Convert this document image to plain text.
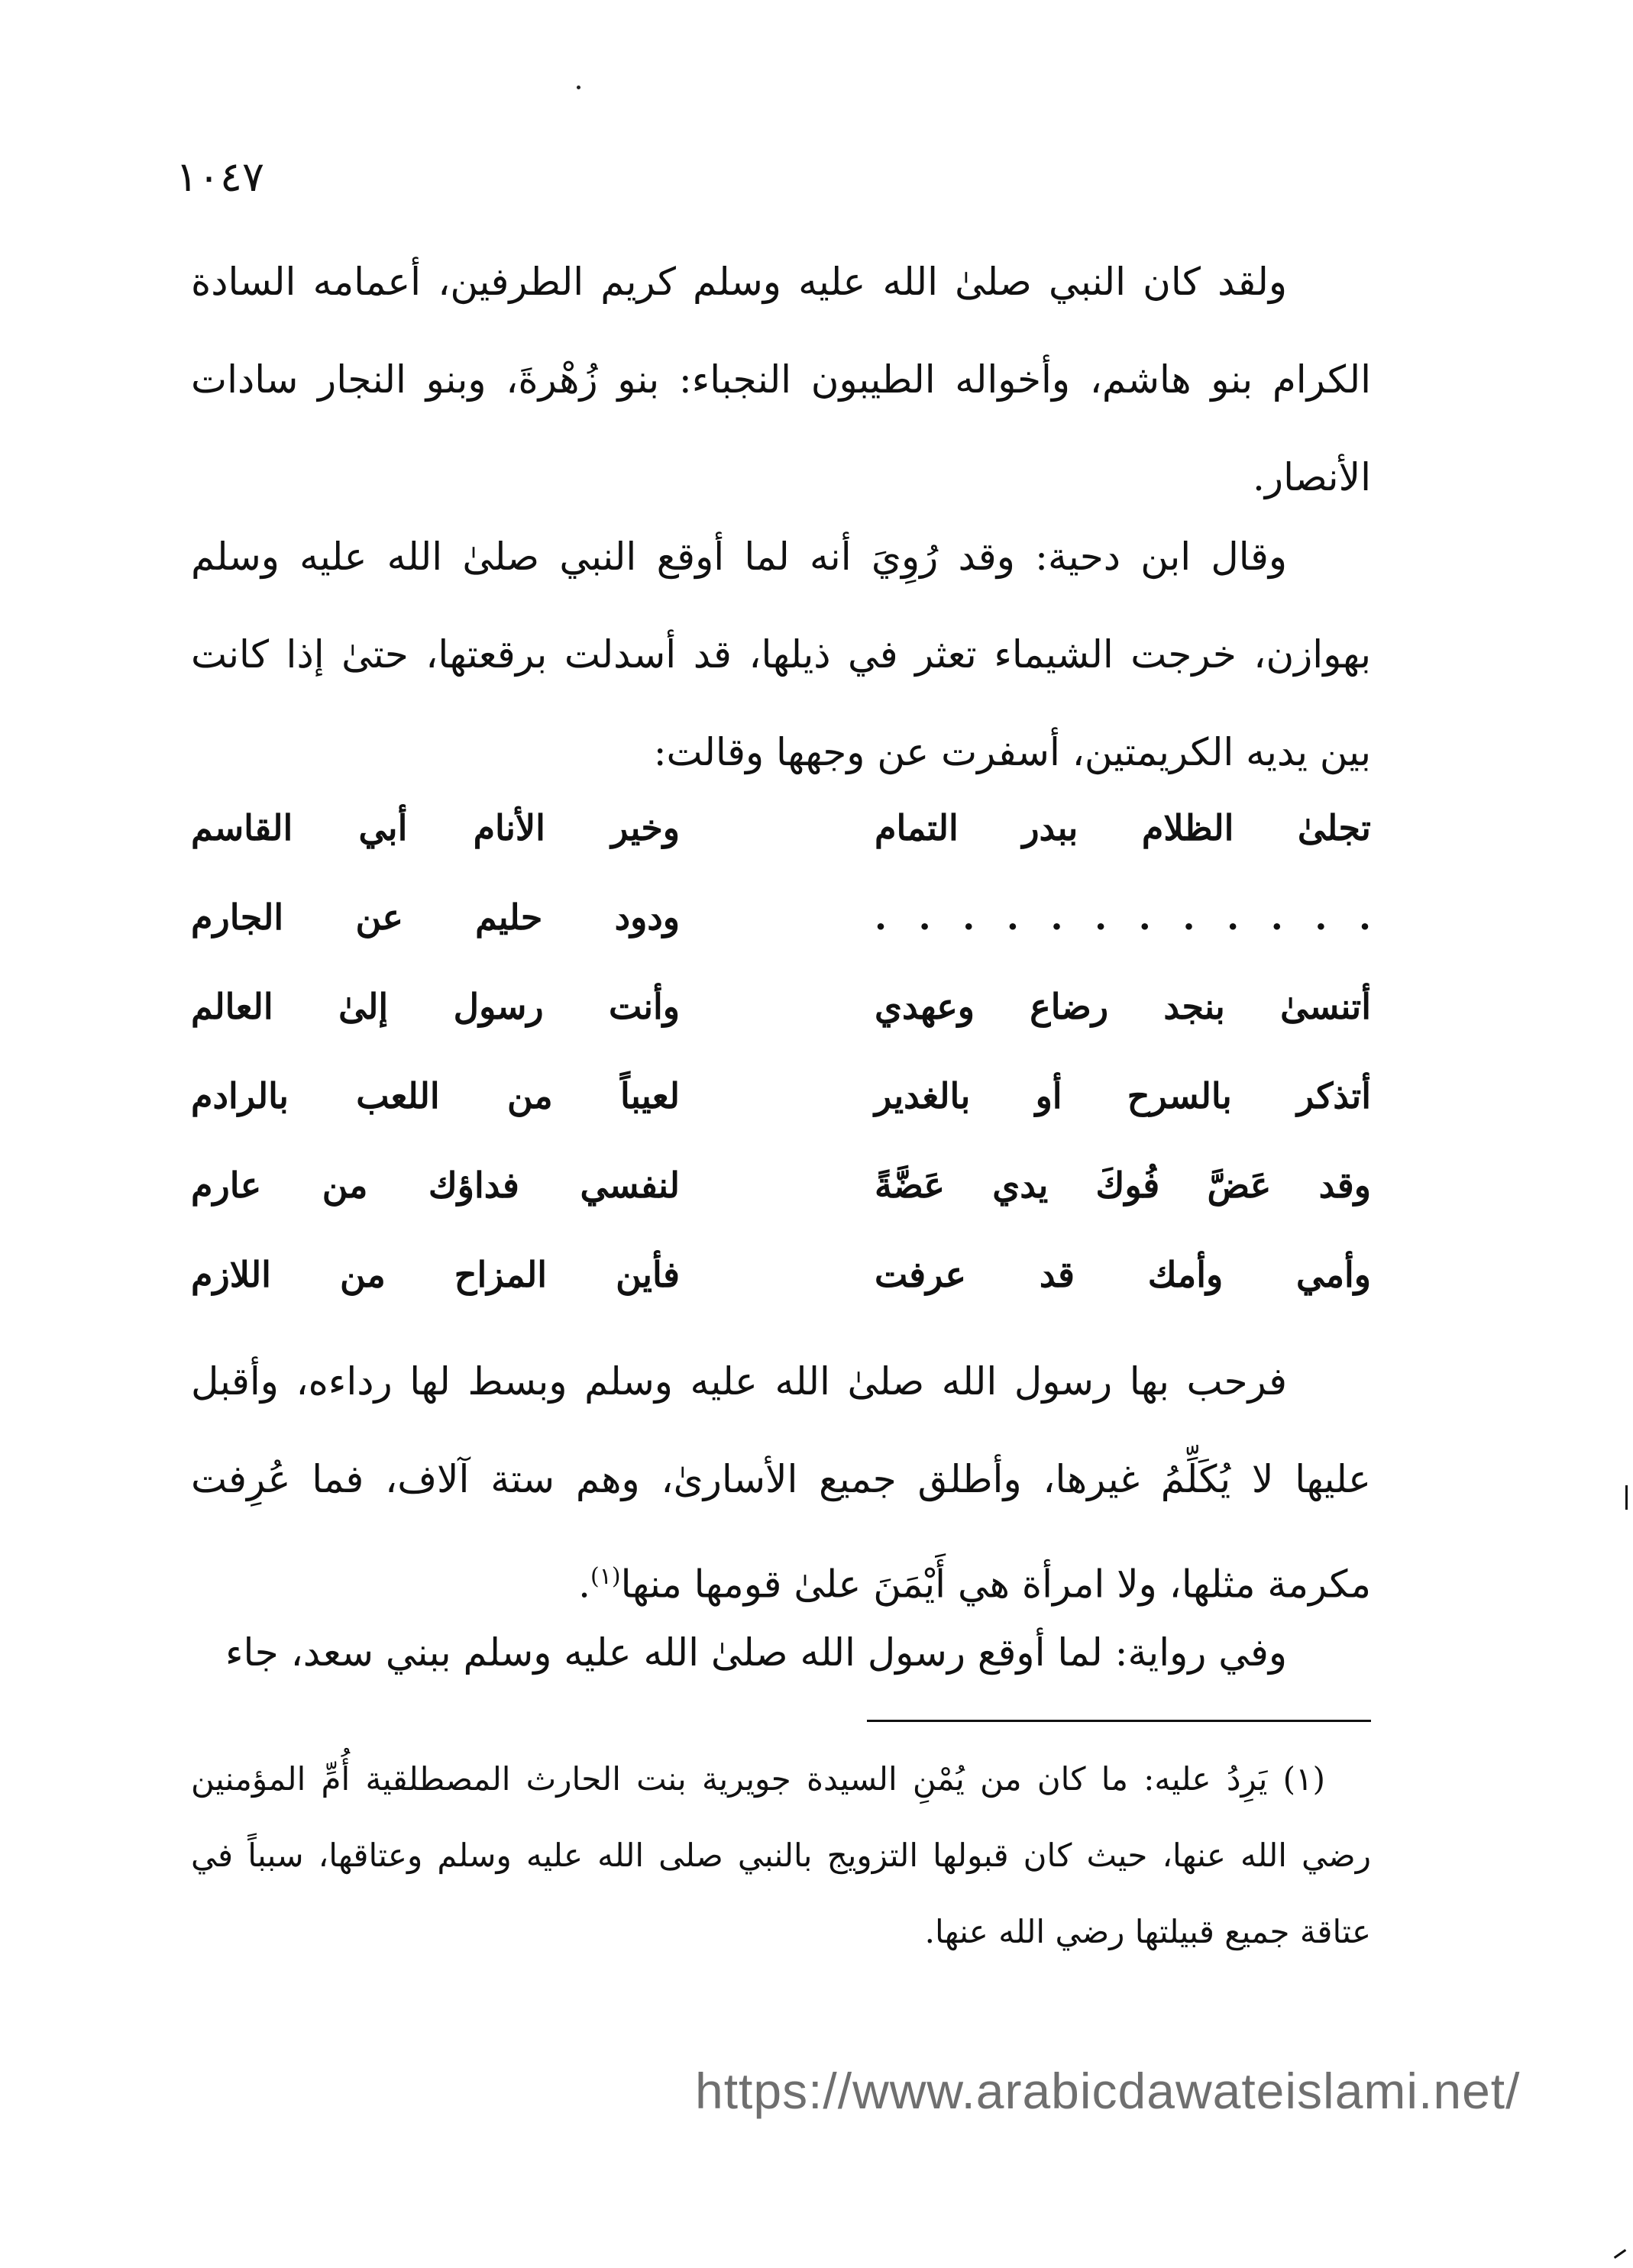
١٠٤٧

ولقد كان النبي صلىٰ الله عليه وسلم كريم الطرفين، أعمامه السادة الكرام بنو هاشم، وأخواله الطيبون النجباء: بنو زُهْرةَ، وبنو النجار سادات الأنصار.

وقال ابن دحية: وقد رُوِيَ أنه لما أوقع النبي صلىٰ الله عليه وسلم بهوازن، خرجت الشيماء تعثر في ذيلها، قد أسدلت برقعتها، حتىٰ إذا كانت بين يديه الكريمتين، أسفرت عن وجهها وقالت:

تجلىٰ الظلام ببدر التمام
وخير الأنام أبي القاسم
. . . . . . . . . . . .
ودود حليم عن الجارم
أتنسىٰ بنجد رضاع وعهدي
وأنت رسول إلىٰ العالم
أتذكر بالسرح أو بالغدير
لعيباً من اللعب بالرادم
وقد عَضَّ فُوكَ يدي عَضَّةً
لنفسي فداؤك من عارم
وأمي وأمك قد عرفت
فأين المزاح من اللازم

فرحب بها رسول الله صلىٰ الله عليه وسلم وبسط لها رداءه، وأقبل عليها لا يُكَلِّمُ غيرها، وأطلق جميع الأسارىٰ، وهم ستة آلاف، فما عُرِفت مكرمة مثلها، ولا امرأة هي أَيْمَنَ علىٰ قومها منها$^{(١)}$.

وفي رواية: لما أوقع رسول الله صلىٰ الله عليه وسلم ببني سعد، جاء

(١) يَرِدُ عليه: ما كان من يُمْنِ السيدة جويرية بنت الحارث المصطلقية أُمِّ المؤمنين رضي الله عنها، حيث كان قبولها التزويج بالنبي صلى الله عليه وسلم وعتاقها، سبباً في عتاقة جميع قبيلتها رضي الله عنها.

https://www.arabicdawateislami.net/
